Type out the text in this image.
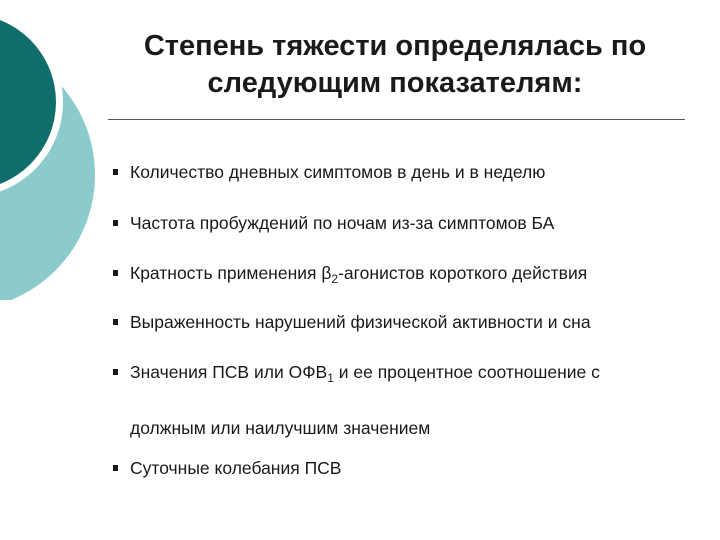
Степень тяжести определялась по
следующим показателям:
Количество дневных симптомов в день и в неделю
Частота пробуждений по ночам из-за симптомов БА
Кратность применения $\beta_2$-агонистов короткого действия
Выраженность нарушений физической активности и сна
Значения ПСВ или $ОФВ_1$ и ее процентное соотношение с
должным или наилучшим значением
Суточные колебания ПСВ
